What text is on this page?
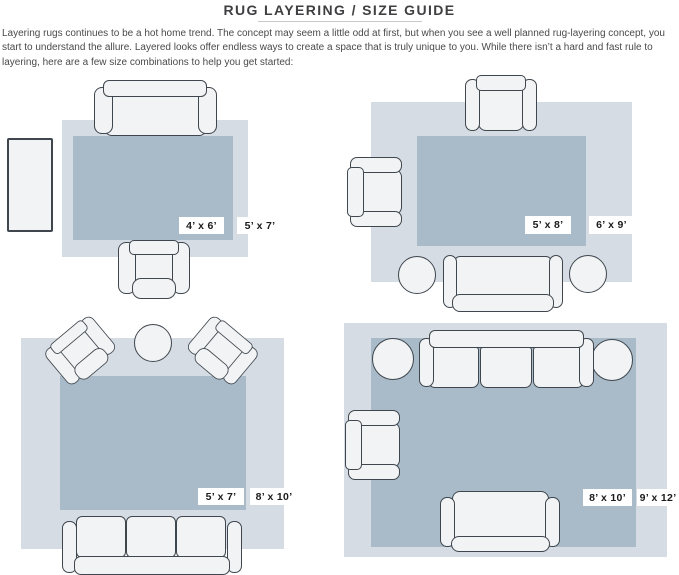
RUG LAYERING / SIZE GUIDE
Layering rugs continues to be a hot home trend. The concept may seem a little odd at first, but when you see a well planned rug-layering concept, you start to understand the allure. Layered looks offer endless ways to create a space that is truly unique to you. While there isn’t a hard and fast rule to layering, here are a few size combinations to help you get started:
4’ x 6’	5’ x 7’	5’ x 8’	6’ x 9’
5’ x 7’	8’ x 10’	8’ x 10’	9’ x 12’
